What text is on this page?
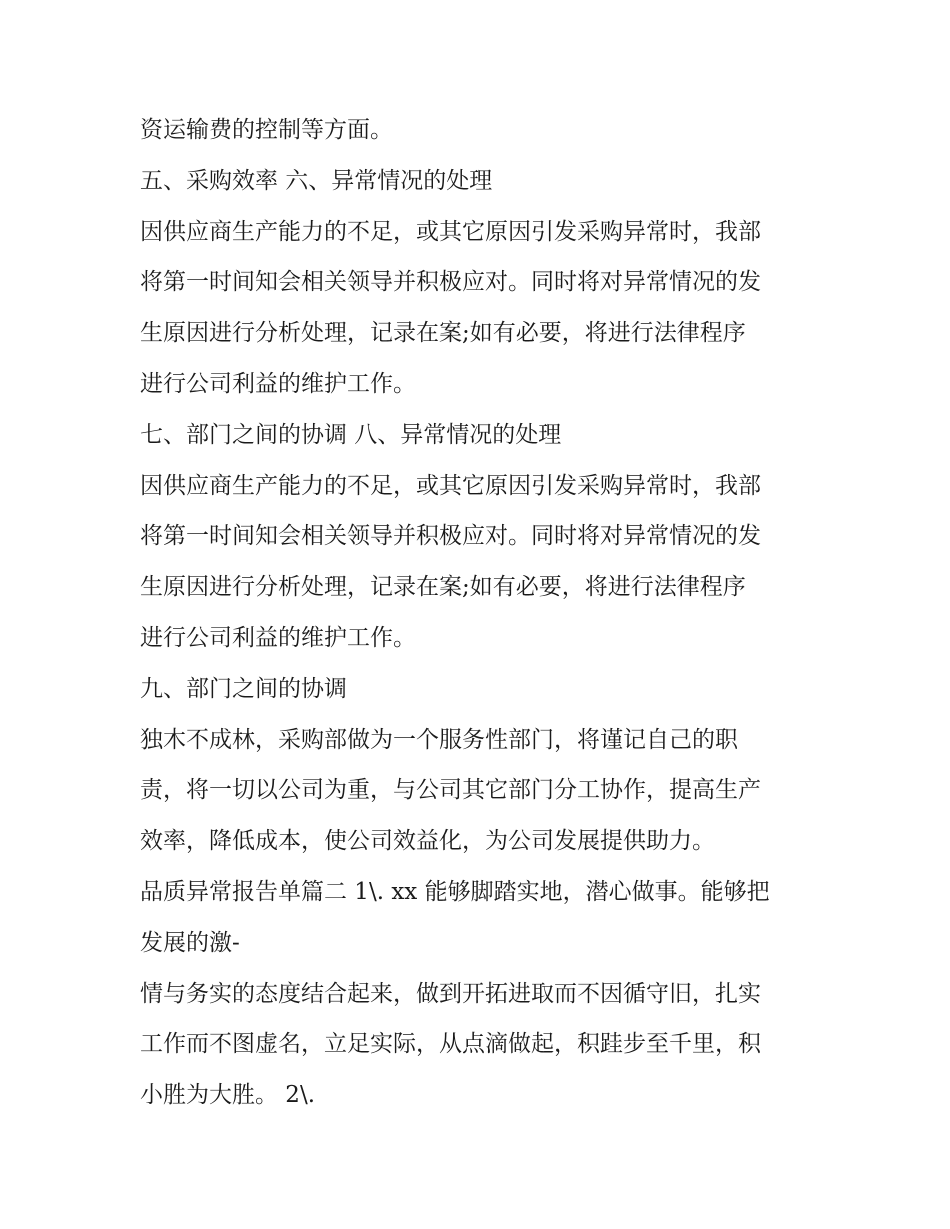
资运输费的控制等方面。
五、采购效率 六、异常情况的处理
因供应商生产能力的不足，或其它原因引发采购异常时，我部
将第一时间知会相关领导并积极应对。同时将对异常情况的发
生原因进行分析处理，记录在案;如有必要，将进行法律程序
进行公司利益的维护工作。
七、部门之间的协调 八、异常情况的处理
因供应商生产能力的不足，或其它原因引发采购异常时，我部
将第一时间知会相关领导并积极应对。同时将对异常情况的发
生原因进行分析处理，记录在案;如有必要，将进行法律程序
进行公司利益的维护工作。
九、部门之间的协调
独木不成林，采购部做为一个服务性部门，将谨记自己的职
责，将一切以公司为重，与公司其它部门分工协作，提高生产
效率，降低成本，使公司效益化，为公司发展提供助力。
品质异常报告单篇二 1\. xx 能够脚踏实地，潜心做事。能够把
发展的激-
情与务实的态度结合起来，做到开拓进取而不因循守旧，扎实
工作而不图虚名，立足实际，从点滴做起，积跬步至千里，积
小胜为大胜。 2\.
